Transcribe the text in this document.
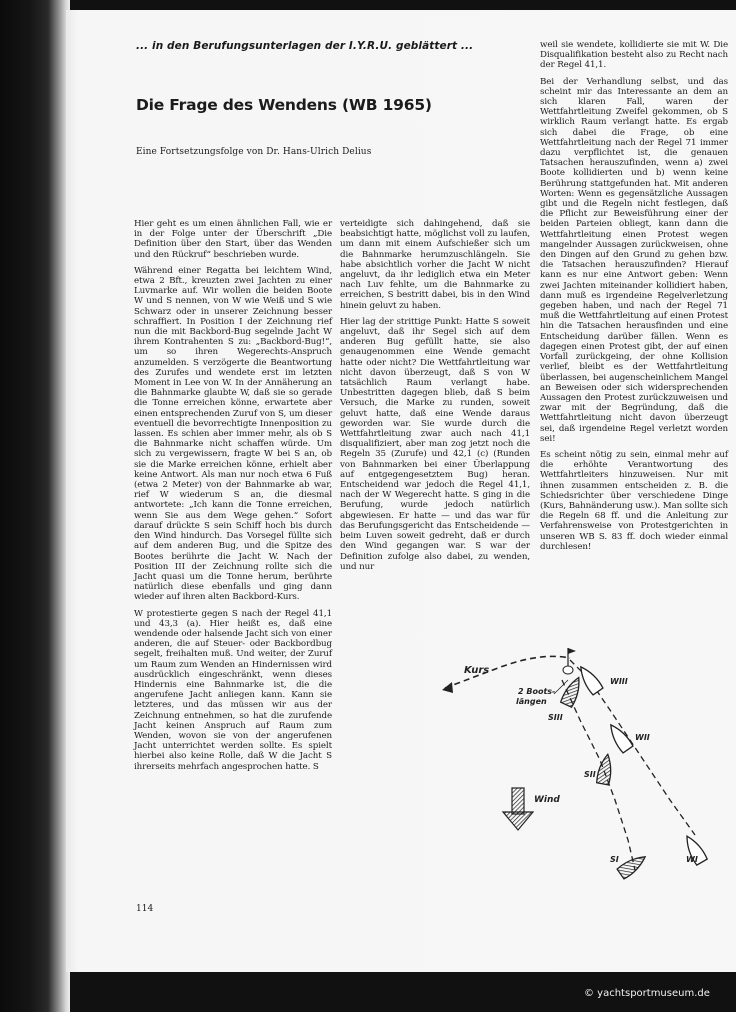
... in den Berufungsunterlagen der I.Y.R.U. geblättert ...
Die Frage des Wendens (WB 1965)
Eine Fortsetzungsfolge von Dr. Hans-Ulrich Delius

Hier geht es um einen ähnlichen Fall, wie er in der Folge unter der Überschrift „Die Definition über den Start, über das Wenden und den Rückruf“ beschrieben wurde.

Während einer Regatta bei leichtem Wind, etwa 2 Bft., kreuzten zwei Jachten zu einer Luvmarke auf. Wir wollen die beiden Boote W und S nennen, von W wie Weiß und S wie Schwarz oder in unserer Zeichnung besser schraffiert. In Position I der Zeichnung rief nun die mit Backbord-Bug segelnde Jacht W ihrem Kontrahenten S zu: „Backbord-Bug!“, um so ihren Wegerechts-Anspruch anzumelden. S verzögerte die Beantwortung des Zurufes und wendete erst im letzten Moment in Lee von W. In der Annäherung an die Bahnmarke glaubte W, daß sie so gerade die Tonne erreichen könne, erwartete aber einen entsprechenden Zuruf von S, um dieser eventuell die bevorrechtigte Innenposition zu lassen. Es schien aber immer mehr, als ob S die Bahnmarke nicht schaffen würde. Um sich zu vergewissern, fragte W bei S an, ob sie die Marke erreichen könne, erhielt aber keine Antwort. Als man nur noch etwa 6 Fuß (etwa 2 Meter) von der Bahnmarke ab war, rief W wiederum S an, die diesmal antwortete: „Ich kann die Tonne erreichen, wenn Sie aus dem Wege gehen.“ Sofort darauf drückte S sein Schiff hoch bis durch den Wind hindurch. Das Vorsegel füllte sich auf dem anderen Bug, und die Spitze des Bootes berührte die Jacht W. Nach der Position III der Zeichnung rollte sich die Jacht quasi um die Tonne herum, berührte natürlich diese ebenfalls und ging dann wieder auf ihren alten Backbord-Kurs.

W protestierte gegen S nach der Regel 41,1 und 43,3 (a). Hier heißt es, daß eine wendende oder halsende Jacht sich von einer anderen, die auf Steuer- oder Backbordbug segelt, freihalten muß. Und weiter, der Zuruf um Raum zum Wenden an Hindernissen wird ausdrücklich eingeschränkt, wenn dieses Hindernis eine Bahnmarke ist, die die angerufene Jacht anliegen kann. Kann sie letzteres, und das müssen wir aus der Zeichnung entnehmen, so hat die zurufende Jacht keinen Anspruch auf Raum zum Wenden, wovon sie von der angerufenen Jacht unterrichtet werden sollte. Es spielt hierbei also keine Rolle, daß W die Jacht S ihrerseits mehrfach angesprochen hatte. S

verteidigte sich dahingehend, daß sie beabsichtigt hatte, möglichst voll zu laufen, um dann mit einem Aufschießer sich um die Bahnmarke herumzuschlängeln. Sie habe absichtlich vorher die Jacht W nicht angeluvt, da ihr lediglich etwa ein Meter nach Luv fehlte, um die Bahnmarke zu erreichen, S bestritt dabei, bis in den Wind hinein geluvt zu haben.

Hier lag der strittige Punkt: Hatte S soweit angeluvt, daß ihr Segel sich auf dem anderen Bug gefüllt hatte, sie also genaugenommen eine Wende gemacht hatte oder nicht? Die Wettfahrtleitung war nicht davon überzeugt, daß S von W tatsächlich Raum verlangt habe. Unbestritten dagegen blieb, daß S beim Versuch, die Marke zu runden, soweit geluvt hatte, daß eine Wende daraus geworden war. Sie wurde durch die Wettfahrtleitung zwar auch nach 41,1 disqualifiziert, aber man zog jetzt noch die Regeln 35 (Zurufe) und 42,1 (c) (Runden von Bahnmarken bei einer Überlappung auf entgegengesetztem Bug) heran. Entscheidend war jedoch die Regel 41,1, nach der W Wegerecht hatte. S ging in die Berufung, wurde jedoch natürlich abgewiesen. Er hatte — und das war für das Berufungsgericht das Entscheidende — beim Luven soweit gedreht, daß er durch den Wind gegangen war. S war der Definition zufolge also dabei, zu wenden, und nur

weil sie wendete, kollidierte sie mit W. Die Disqualifikation besteht also zu Recht nach der Regel 41,1.

Bei der Verhandlung selbst, und das scheint mir das Interessante an dem an sich klaren Fall, waren der Wettfahrtleitung Zweifel gekommen, ob S wirklich Raum verlangt hatte. Es ergab sich dabei die Frage, ob eine Wettfahrtleitung nach der Regel 71 immer dazu verpflichtet ist, die genauen Tatsachen herauszufinden, wenn a) zwei Boote kollidierten und b) wenn keine Berührung stattgefunden hat. Mit anderen Worten: Wenn es gegensätzliche Aussagen gibt und die Regeln nicht festlegen, daß die Pflicht zur Beweisführung einer der beiden Parteien obliegt, kann dann die Wettfahrtleitung einen Protest wegen mangelnder Aussagen zurückweisen, ohne den Dingen auf den Grund zu gehen bzw. die Tatsachen herauszufinden? Hierauf kann es nur eine Antwort geben: Wenn zwei Jachten miteinander kollidiert haben, dann muß es irgendeine Regelverletzung gegeben haben, und nach der Regel 71 muß die Wettfahrtleitung auf einen Protest hin die Tatsachen herausfinden und eine Entscheidung darüber fällen. Wenn es dagegen einen Protest gibt, der auf einen Vorfall zurückgeing, der ohne Kollision verlief, bleibt es der Wettfahrtleitung überlassen, bei augenscheinlichem Mangel an Beweisen oder sich widersprechenden Aussagen den Protest zurückzuweisen und zwar mit der Begründung, daß die Wettfahrtleitung nicht davon überzeugt sei, daß irgendeine Regel verletzt worden sei!

Es scheint nötig zu sein, einmal mehr auf die erhöhte Verantwortung des Wettfahrtleiters hinzuweisen. Nur mit ihnen zusammen entscheiden z. B. die Schiedsrichter über verschiedene Dinge (Kurs, Bahnänderung usw.). Man sollte sich die Regeln 68 ff. und die Anleitung zur Verfahrensweise von Protestgerichten in unseren WB S. 83 ff. doch wieder einmal durchlesen!

Kurs
2 Boots-
längen
Wind
WIII
WII
WI
SIII
SII
SI
114
© yachtsportmuseum.de
